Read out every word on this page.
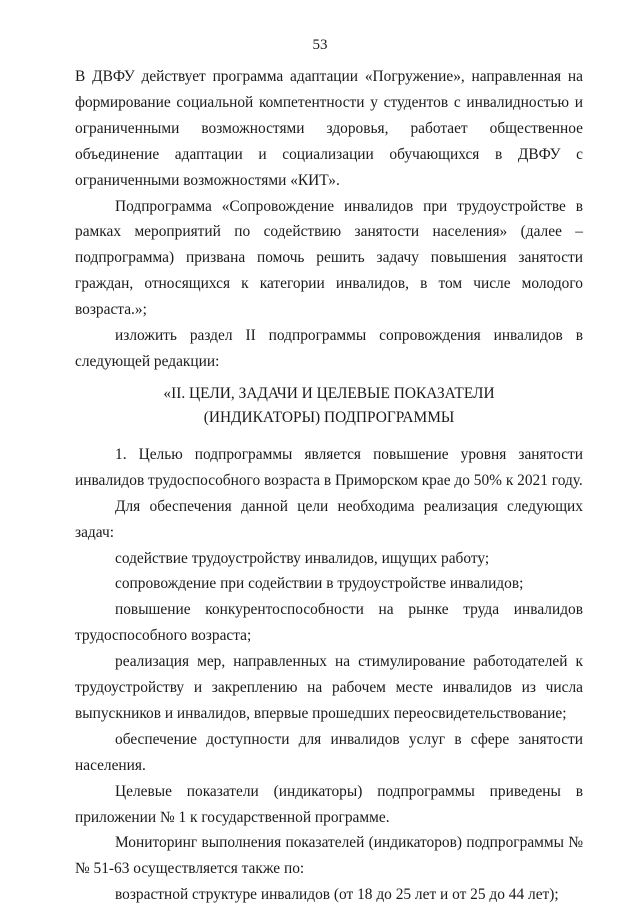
53

В ДВФУ действует программа адаптации «Погружение», направленная на формирование социальной компетентности у студентов с инвалидностью и ограниченными возможностями здоровья, работает общественное объединение адаптации и социализации обучающихся в ДВФУ с ограниченными возможностями «КИТ».

Подпрограмма «Сопровождение инвалидов при трудоустройстве в рамках мероприятий по содействию занятости населения» (далее – подпрограмма) призвана помочь решить задачу повышения занятости граждан, относящихся к категории инвалидов, в том числе молодого возраста.»;

изложить раздел II подпрограммы сопровождения инвалидов в следующей редакции:

«II. ЦЕЛИ, ЗАДАЧИ И ЦЕЛЕВЫЕ ПОКАЗАТЕЛИ
(ИНДИКАТОРЫ) ПОДПРОГРАММЫ

1. Целью подпрограммы является повышение уровня занятости инвалидов трудоспособного возраста в Приморском крае до 50% к 2021 году.

Для обеспечения данной цели необходима реализация следующих задач:

содействие трудоустройству инвалидов, ищущих работу;

сопровождение при содействии в трудоустройстве инвалидов;

повышение конкурентоспособности на рынке труда инвалидов трудоспособного возраста;

реализация мер, направленных на стимулирование работодателей к трудоустройству и закреплению на рабочем месте инвалидов из числа выпускников и инвалидов, впервые прошедших переосвидетельствование;

обеспечение доступности для инвалидов услуг в сфере занятости населения.

Целевые показатели (индикаторы) подпрограммы приведены в приложении № 1 к государственной программе.

Мониторинг выполнения показателей (индикаторов) подпрограммы №№ 51-63 осуществляется также по:

возрастной структуре инвалидов (от 18 до 25 лет и от 25 до 44 лет);
